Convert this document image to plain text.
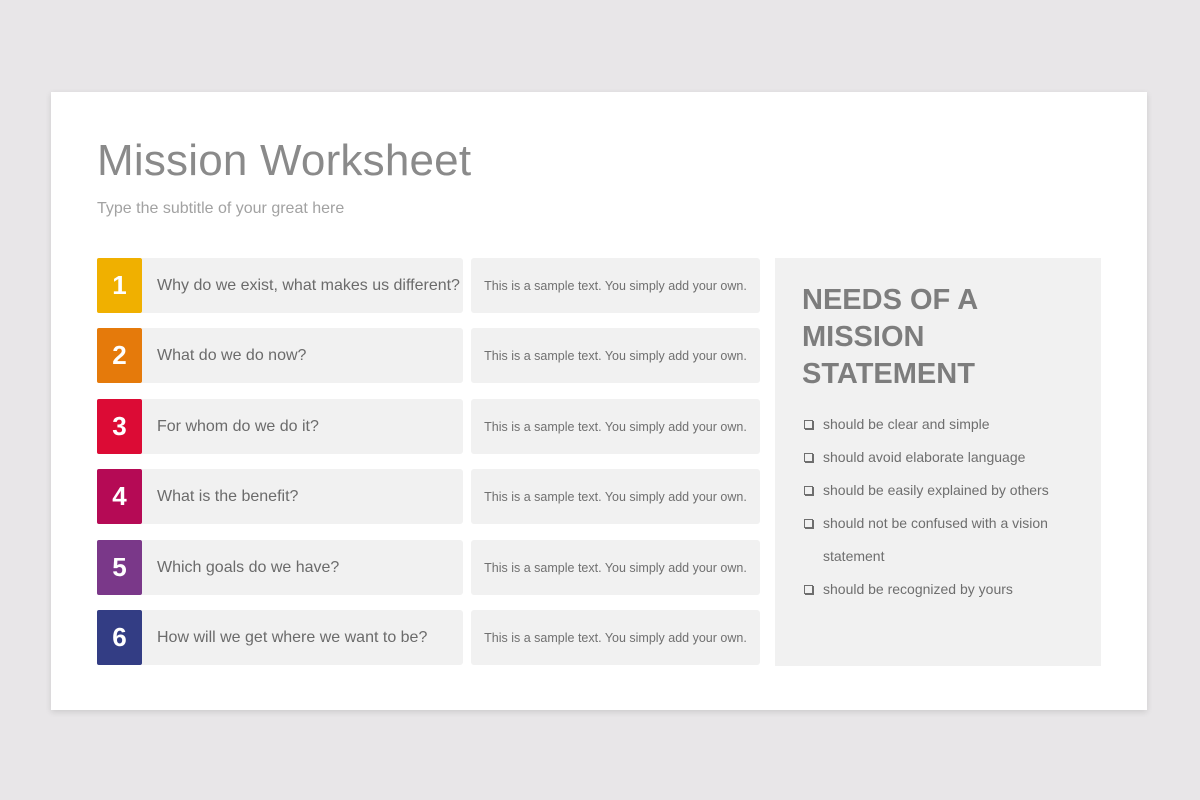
Mission Worksheet
Type the subtitle of your great here
1	Why do we exist, what makes us different?	This is a sample text. You simply add your own.
2	What do we do now?	This is a sample text. You simply add your own.
3	For whom do we do it?	This is a sample text. You simply add your own.
4	What is the benefit?	This is a sample text. You simply add your own.
5	Which goals do we have?	This is a sample text. You simply add your own.
6	How will we get where we want to be?	This is a sample text. You simply add your own.
NEEDS OF A MISSION STATEMENT
should be clear and simple
should avoid elaborate language
should be easily explained by others
should not be confused with a vision statement
should be recognized by yours
